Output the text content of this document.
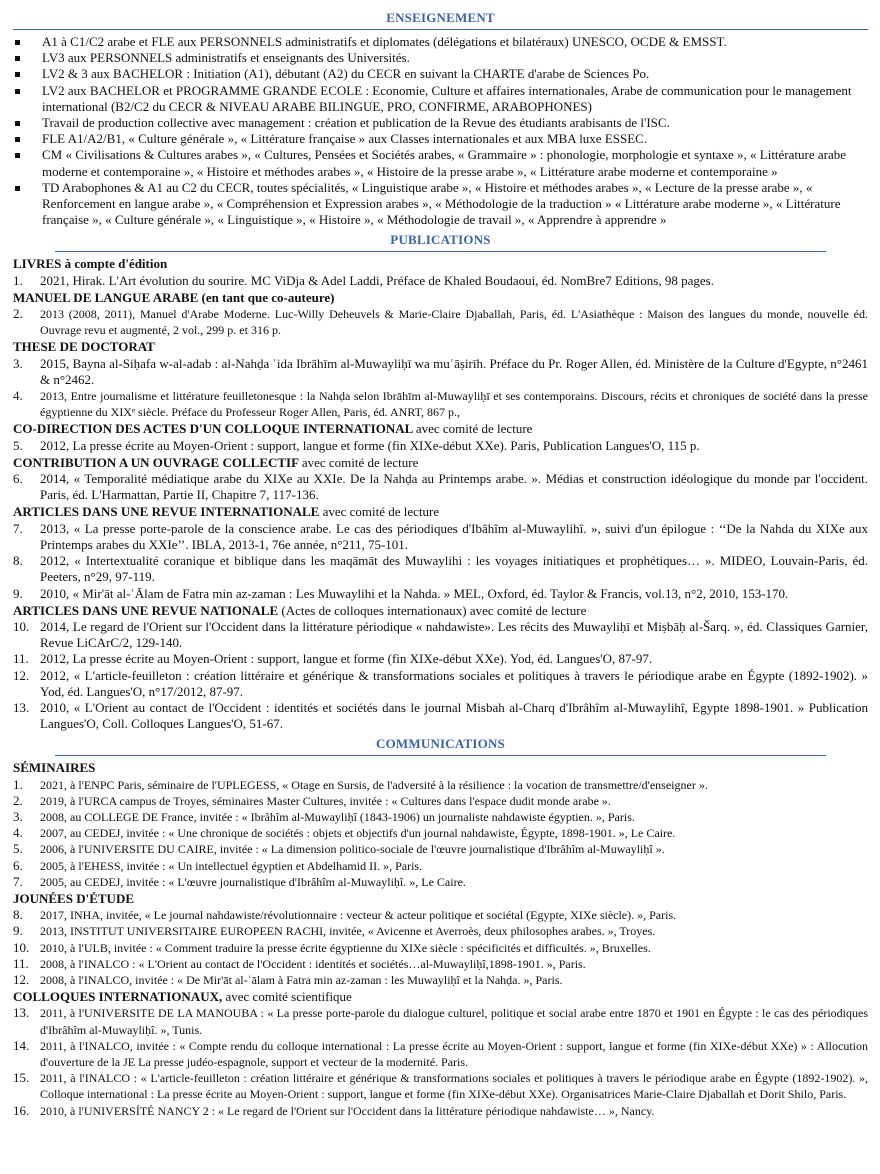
ENSEIGNEMENT
A1 à C1/C2 arabe et FLE aux PERSONNELS administratifs et diplomates (délégations et bilatéraux) UNESCO, OCDE & EMSST.
LV3 aux PERSONNELS administratifs et enseignants des Universités.
LV2 & 3 aux BACHELOR : Initiation (A1), débutant (A2) du CECR en suivant la CHARTE d'arabe de Sciences Po.
LV2 aux BACHELOR et PROGRAMME GRANDE ECOLE : Economie, Culture et affaires internationales, Arabe de communication pour le management international (B2/C2 du CECR & NIVEAU ARABE BILINGUE, PRO, CONFIRME, ARABOPHONES)
Travail de production collective avec management : création et publication de la Revue des étudiants arabisants de l'ISC.
FLE A1/A2/B1, « Culture générale », « Littérature française » aux Classes internationales et aux MBA luxe ESSEC.
CM « Civilisations & Cultures arabes », « Cultures, Pensées et Sociétés arabes, « Grammaire » : phonologie, morphologie et syntaxe », « Littérature arabe moderne et contemporaine », « Histoire et méthodes arabes », « Histoire de la presse arabe », « Littérature arabe moderne et contemporaine »
TD Arabophones & A1 au C2 du CECR, toutes spécialités, « Linguistique arabe », « Histoire et méthodes arabes », « Lecture de la presse arabe », « Renforcement en langue arabe », « Compréhension et Expression arabes », « Méthodologie de la traduction » « Littérature arabe moderne », « Littérature française », « Culture générale », « Linguistique », « Histoire », « Méthodologie de travail », « Apprendre à apprendre »
PUBLICATIONS
LIVRES à compte d'édition
1. 2021, Hirak. L'Art évolution du sourire. MC ViDja & Adel Laddi, Préface de Khaled Boudaoui, éd. NomBre7 Editions, 98 pages.
MANUEL DE LANGUE ARABE (en tant que co-auteure)
2. 2013 (2008, 2011), Manuel d'Arabe Moderne. Luc-Willy Deheuvels & Marie-Claire Djaballah, Paris, éd. L'Asiathèque : Maison des langues du monde, nouvelle éd. Ouvrage revu et augmenté, 2 vol., 299 p. et 316 p.
THESE DE DOCTORAT
3. 2015, Bayna al-Siḥafa w-al-adab : al-Nahḍa ʿida Ibrāhīm al-Muwayliḥī wa muʿāṣirīh. Préface du Pr. Roger Allen, éd. Ministère de la Culture d'Egypte, n°2461 & n°2462.
4. 2013, Entre journalisme et littérature feuilletonesque : la Nahḍa selon Ibrāhīm al-Muwayliḥī et ses contemporains. Discours, récits et chroniques de société dans la presse égyptienne du XIXᵉ siècle. Préface du Professeur Roger Allen, Paris, éd. ANRT, 867 p.,
CO-DIRECTION DES ACTES D'UN COLLOQUE INTERNATIONAL avec comité de lecture
5. 2012, La presse écrite au Moyen-Orient : support, langue et forme (fin XIXe-début XXe). Paris, Publication Langues'O, 115 p.
CONTRIBUTION A UN OUVRAGE COLLECTIF avec comité de lecture
6. 2014, « Temporalité médiatique arabe du XIXe au XXIe. De la Nahḍa au Printemps arabe. ». Médias et construction idéologique du monde par l'occident. Paris, éd. L'Harmattan, Partie II, Chapitre 7, 117-136.
ARTICLES DANS UNE REVUE INTERNATIONALE avec comité de lecture
7. 2013, « La presse porte-parole de la conscience arabe. Le cas des périodiques d'Ibâhîm al-Muwaylihî. », suivi d'un épilogue : ‘‘De la Nahda du XIXe aux Printemps arabes du XXIe’’. IBLA, 2013-1, 76e année, n°211, 75-101.
8. 2012, « Intertextualité coranique et biblique dans les maqāmāt des Muwaylihi : les voyages initiatiques et prophétiques… ». MIDEO, Louvain-Paris, éd. Peeters, n°29, 97-119.
9. 2010, « Mir'āt al-ʿĀlam de Fatra min az-zaman : Les Muwaylihi et la Nahda. » MEL, Oxford, éd. Taylor & Francis, vol.13, n°2, 2010, 153-170.
ARTICLES DANS UNE REVUE NATIONALE (Actes de colloques internationaux) avec comité de lecture
10. 2014, Le regard de l'Orient sur l'Occident dans la littérature périodique « nahdawiste». Les récits des Muwayliḥī et Miṣbāḥ al-Šarq. », éd. Classiques Garnier, Revue LiCArC/2, 129-140.
11. 2012, La presse écrite au Moyen-Orient : support, langue et forme (fin XIXe-début XXe). Yod, éd. Langues'O, 87-97.
12. 2012, « L'article-feuilleton : création littéraire et générique & transformations sociales et politiques à travers le périodique arabe en Égypte (1892-1902). » Yod, éd. Langues'O, n°17/2012, 87-97.
13. 2010, « L'Orient au contact de l'Occident : identités et sociétés dans le journal Misbah al-Charq d'Ibrâhîm al-Muwaylihî, Egypte 1898-1901. » Publication Langues'O, Coll. Colloques Langues'O, 51-67.
COMMUNICATIONS
SÉMINAIRES
1. 2021, à l'ENPC Paris, séminaire de l'UPLEGESS, « Otage en Sursis, de l'adversité à la résilience : la vocation de transmettre/d'enseigner ».
2. 2019, à l'URCA campus de Troyes, séminaires Master Cultures, invitée : « Cultures dans l'espace dudit monde arabe ».
3. 2008, au COLLEGE DE France, invitée : « Ibrâhîm al-Muwayliḥî (1843-1906) un journaliste nahdawiste égyptien. », Paris.
4. 2007, au CEDEJ, invitée : « Une chronique de sociétés : objets et objectifs d'un journal nahdawiste, Égypte, 1898-1901. », Le Caire.
5. 2006, à l'UNIVERSITE DU CAIRE, invitée : « La dimension politico-sociale de l'œuvre journalistique d'Ibrâhîm al-Muwayliḥî ».
6. 2005, à l'EHESS, invitée : « Un intellectuel égyptien et Abdelhamid II. », Paris.
7. 2005, au CEDEJ, invitée : « L'œuvre journalistique d'Ibrâhîm al-Muwayliḥî. », Le Caire.
JOUNÉES D'ÉTUDE
8. 2017, INHA, invitée, « Le journal nahdawiste/révolutionnaire : vecteur & acteur politique et sociétal (Egypte, XIXe siècle). », Paris.
9. 2013, INSTITUT UNIVERSITAIRE EUROPEEN RACHI, invitée, « Avicenne et Averroès, deux philosophes arabes. », Troyes.
10. 2010, à l'ULB, invitée : « Comment traduire la presse écrite égyptienne du XIXe siècle : spécificités et difficultés. », Bruxelles.
11. 2008, à l'INALCO : « L'Orient au contact de l'Occident : identités et sociétés…al-Muwayliḥî,1898-1901. », Paris.
12. 2008, à l'INALCO, invitée : « De Mir'āt al-ʿālam à Fatra min az-zaman : les Muwayliḥî et la Nahḍa. », Paris.
COLLOQUES INTERNATIONAUX, avec comité scientifique
13. 2011, à l'UNIVERSITE DE LA MANOUBA : « La presse porte-parole du dialogue culturel, politique et social arabe entre 1870 et 1901 en Égypte : le cas des périodiques d'Ibrâhîm al-Muwayliḥî. », Tunis.
14. 2011, à l'INALCO, invitée : « Compte rendu du colloque international : La presse écrite au Moyen-Orient : support, langue et forme (fin XIXe-début XXe) » : Allocution d'ouverture de la JE La presse judéo-espagnole, support et vecteur de la modernité. Paris.
15. 2011, à l'INALCO : « L'article-feuilleton : création littéraire et générique & transformations sociales et politiques à travers le périodique arabe en Égypte (1892-1902). », Colloque international : La presse écrite au Moyen-Orient : support, langue et forme (fin XIXe-début XXe). Organisatrices Marie-Claire Djaballah et Dorit Shilo, Paris.
16. 2010, à l'UNIVERSÍTÉ NANCY 2 : « Le regard de l'Orient sur l'Occident dans la littérature périodique nahdawiste… », Nancy.
